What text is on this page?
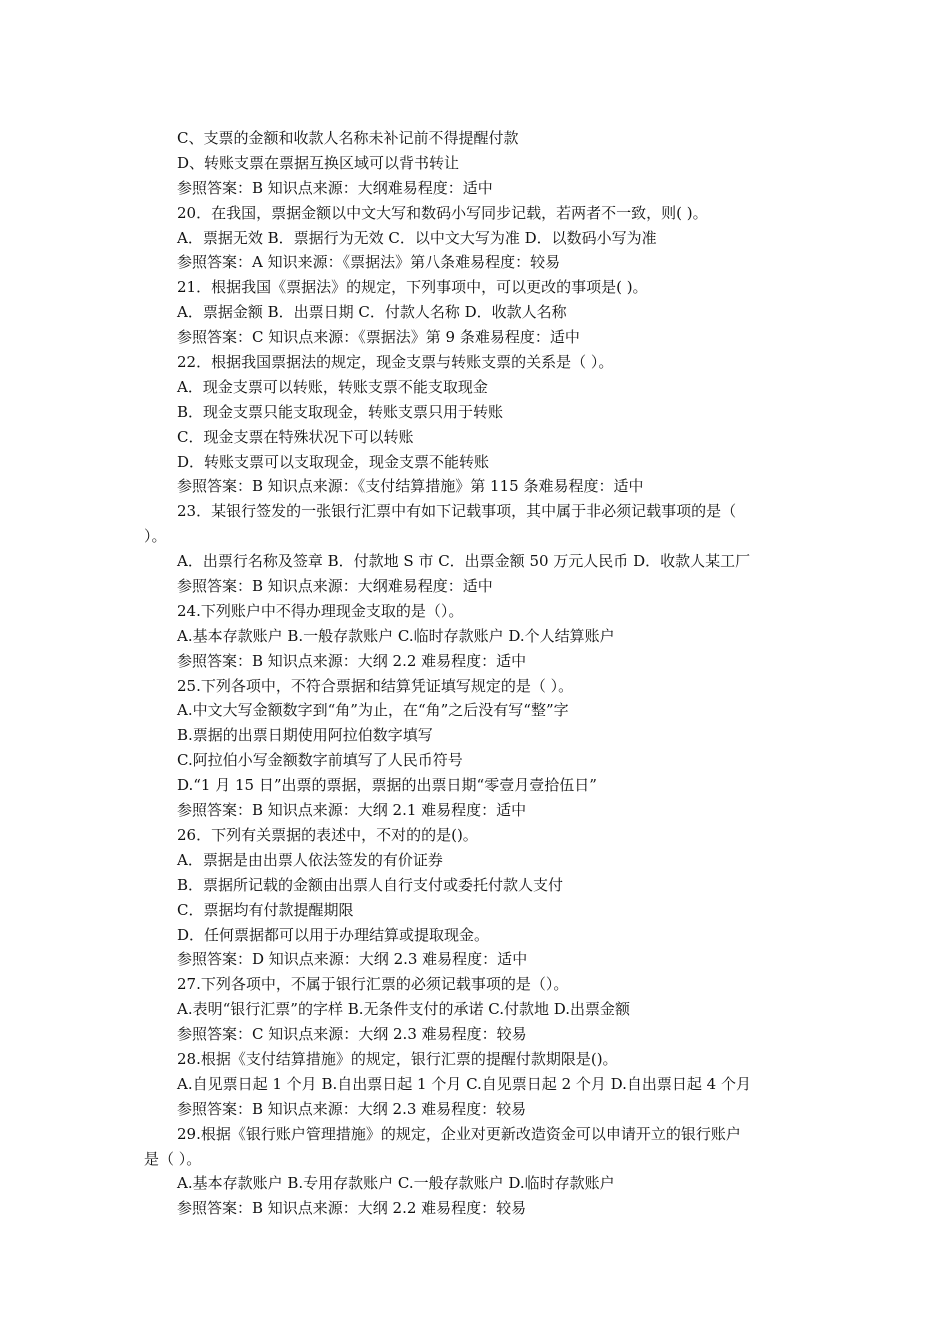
C、支票的金额和收款人名称未补记前不得提醒付款
D、转账支票在票据互换区域可以背书转让
参照答案：B 知识点来源：大纲难易程度：适中
20．在我国，票据金额以中文大写和数码小写同步记载，若两者不一致，则( )。
A．票据无效 B．票据行为无效 C．以中文大写为准 D．以数码小写为准
参照答案：A 知识来源：《票据法》第八条难易程度：较易
21．根据我国《票据法》的规定，下列事项中，可以更改的事项是( )。
A．票据金额 B．出票日期 C．付款人名称 D．收款人名称
参照答案：C 知识点来源：《票据法》第 9 条难易程度：适中
22．根据我国票据法的规定，现金支票与转账支票的关系是（ ）。
A．现金支票可以转账，转账支票不能支取现金
B．现金支票只能支取现金，转账支票只用于转账
C．现金支票在特殊状况下可以转账
D．转账支票可以支取现金，现金支票不能转账
参照答案：B 知识点来源：《支付结算措施》第 115 条难易程度：适中
23．某银行签发的一张银行汇票中有如下记载事项，其中属于非必须记载事项的是（
）。
A．出票行名称及签章 B．付款地 S 市 C．出票金额 50 万元人民币 D．收款人某工厂
参照答案：B 知识点来源：大纲难易程度：适中
24.下列账户中不得办理现金支取的是（）。
A.基本存款账户 B.一般存款账户 C.临时存款账户 D.个人结算账户
参照答案：B 知识点来源：大纲 2.2 难易程度：适中
25.下列各项中，不符合票据和结算凭证填写规定的是（ ）。
A.中文大写金额数字到“角”为止，在“角”之后没有写“整”字
B.票据的出票日期使用阿拉伯数字填写
C.阿拉伯小写金额数字前填写了人民币符号
D.“1 月 15 日”出票的票据，票据的出票日期“零壹月壹拾伍日”
参照答案：B 知识点来源：大纲 2.1 难易程度：适中
26．下列有关票据的表述中，不对的的是()。
A．票据是由出票人依法签发的有价证券
B．票据所记载的金额由出票人自行支付或委托付款人支付
C．票据均有付款提醒期限
D．任何票据都可以用于办理结算或提取现金。
参照答案：D 知识点来源：大纲 2.3 难易程度：适中
27.下列各项中，不属于银行汇票的必须记载事项的是（）。
A.表明“银行汇票”的字样 B.无条件支付的承诺 C.付款地 D.出票金额
参照答案：C 知识点来源：大纲 2.3 难易程度：较易
28.根据《支付结算措施》的规定，银行汇票的提醒付款期限是()。
A.自见票日起 1 个月 B.自出票日起 1 个月 C.自见票日起 2 个月 D.自出票日起 4 个月
参照答案：B 知识点来源：大纲 2.3 难易程度：较易
29.根据《银行账户管理措施》的规定，企业对更新改造资金可以申请开立的银行账户
是（ ）。
A.基本存款账户 B.专用存款账户 C.一般存款账户 D.临时存款账户
参照答案：B 知识点来源：大纲 2.2 难易程度：较易
